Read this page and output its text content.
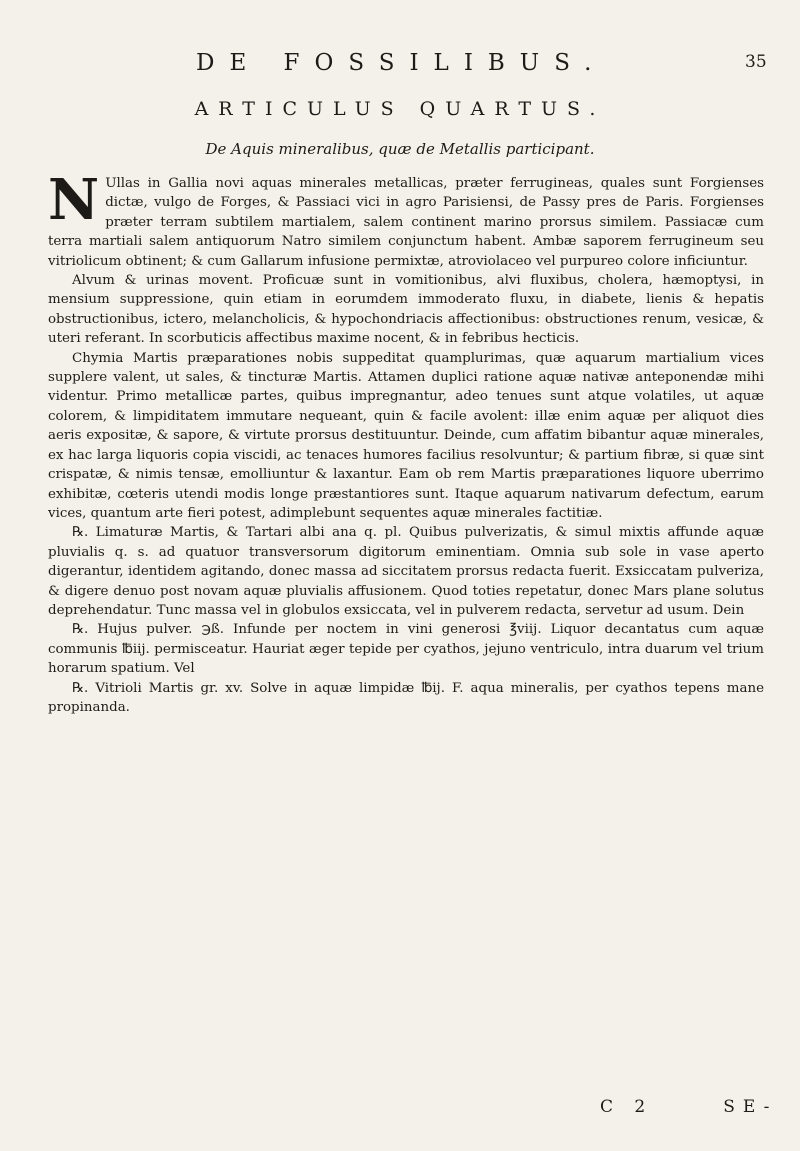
DE FOSSILIBUS.	35
ARTICULUS QUARTUS.
De Aquis mineralibus, quæ de Metallis participant.

N Ullas in Gallia novi aquas minerales metallicas, præter ferrugineas, quales sunt Forgienses dictæ, vulgo de Forges, & Passiaci vici in agro Parisiensi, de Passy pres de Paris. Forgienses præter terram subtilem martialem, salem continent marino prorsus similem. Passiacæ cum terra martiali salem antiquorum Natro similem conjunctum habent. Ambæ saporem ferrugineum seu vitriolicum obtinent; & cum Gallarum infusione permixtæ, atroviolaceo vel purpureo colore inficiuntur.

Alvum & urinas movent. Proficuæ sunt in vomitionibus, alvi fluxibus, cholera, hæmoptysi, in mensium suppressione, quin etiam in eorumdem immoderato fluxu, in diabete, lienis & hepatis obstructionibus, ictero, melancholicis, & hypochondriacis affectionibus: obstructiones renum, vesicæ, & uteri referant. In scorbuticis affectibus maxime nocent, & in febribus hecticis.

Chymia Martis præparationes nobis suppeditat quamplurimas, quæ aquarum martialium vices supplere valent, ut sales, & tincturæ Martis. Attamen duplici ratione aquæ nativæ anteponendæ mihi videntur. Primo metallicæ partes, quibus impregnantur, adeo tenues sunt atque volatiles, ut aquæ colorem, & limpiditatem immutare nequeant, quin & facile avolent: illæ enim aquæ per aliquot dies aeris expositæ, & sapore, & virtute prorsus destituuntur. Deinde, cum affatim bibantur aquæ minerales, ex hac larga liquoris copia viscidi, ac tenaces humores facilius resolvuntur; & partium fibræ, si quæ sint crispatæ, & nimis tensæ, emolliuntur & laxantur. Eam ob rem Martis præparationes liquore uberrimo exhibitæ, cœteris utendi modis longe præstantiores sunt. Itaque aquarum nativarum defectum, earum vices, quantum arte fieri potest, adimplebunt sequentes aquæ minerales factitiæ.

℞. Limaturæ Martis, & Tartari albi ana q. pl. Quibus pulverizatis, & simul mixtis affunde aquæ pluvialis q. s. ad quatuor transversorum digitorum eminentiam. Omnia sub sole in vase aperto digerantur, identidem agitando, donec massa ad siccitatem prorsus redacta fuerit. Exsiccatam pulveriza, & digere denuo post novam aquæ pluvialis affusionem. Quod toties repetatur, donec Mars plane solutus deprehendatur. Tunc massa vel in globulos exsiccata, vel in pulverem redacta, servetur ad usum. Dein

℞. Hujus pulver. ℈ß. Infunde per noctem in vini generosi ℥viij. Liquor decantatus cum aquæ communis ℔iij. permisceatur. Hauriat æger tepide per cyathos, jejuno ventriculo, intra duarum vel trium horarum spatium. Vel

℞. Vitrioli Martis gr. xv. Solve in aquæ limpidæ ℔ij. F. aqua mineralis, per cyathos tepens mane propinanda.

C 2	SE-
